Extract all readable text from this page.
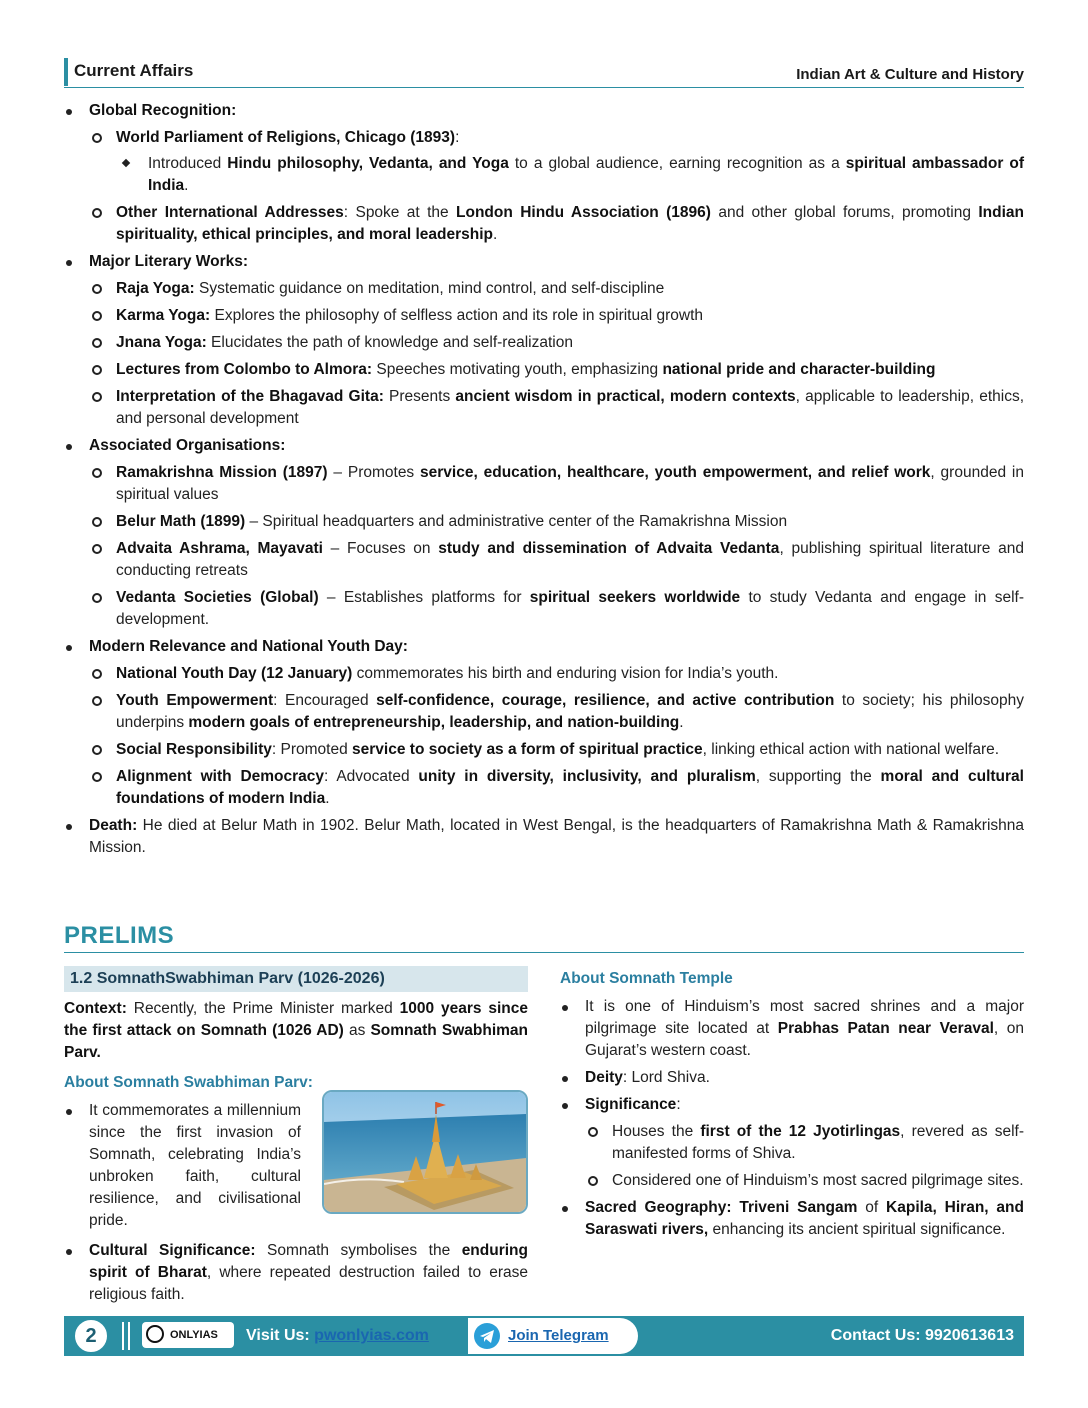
Current Affairs	Indian Art & Culture and History
Global Recognition:
World Parliament of Religions, Chicago (1893):
Introduced Hindu philosophy, Vedanta, and Yoga to a global audience, earning recognition as a spiritual ambassador of India.
Other International Addresses: Spoke at the London Hindu Association (1896) and other global forums, promoting Indian spirituality, ethical principles, and moral leadership.
Major Literary Works:
Raja Yoga: Systematic guidance on meditation, mind control, and self-discipline
Karma Yoga: Explores the philosophy of selfless action and its role in spiritual growth
Jnana Yoga: Elucidates the path of knowledge and self-realization
Lectures from Colombo to Almora: Speeches motivating youth, emphasizing national pride and character-building
Interpretation of the Bhagavad Gita: Presents ancient wisdom in practical, modern contexts, applicable to leadership, ethics, and personal development
Associated Organisations:
Ramakrishna Mission (1897) – Promotes service, education, healthcare, youth empowerment, and relief work, grounded in spiritual values
Belur Math (1899) – Spiritual headquarters and administrative center of the Ramakrishna Mission
Advaita Ashrama, Mayavati – Focuses on study and dissemination of Advaita Vedanta, publishing spiritual literature and conducting retreats
Vedanta Societies (Global) – Establishes platforms for spiritual seekers worldwide to study Vedanta and engage in self-development.
Modern Relevance and National Youth Day:
National Youth Day (12 January) commemorates his birth and enduring vision for India’s youth.
Youth Empowerment: Encouraged self-confidence, courage, resilience, and active contribution to society; his philosophy underpins modern goals of entrepreneurship, leadership, and nation-building.
Social Responsibility: Promoted service to society as a form of spiritual practice, linking ethical action with national welfare.
Alignment with Democracy: Advocated unity in diversity, inclusivity, and pluralism, supporting the moral and cultural foundations of modern India.
Death: He died at Belur Math in 1902. Belur Math, located in West Bengal, is the headquarters of Ramakrishna Math & Ramakrishna Mission.
PRELIMS
1.2 SomnathSwabhiman Parv (1026-2026)
Context: Recently, the Prime Minister marked 1000 years since the first attack on Somnath (1026 AD) as Somnath Swabhiman Parv.
About Somnath Swabhiman Parv:
It commemorates a millennium since the first invasion of Somnath, celebrating India’s unbroken faith, cultural resilience, and civilisational pride.
Cultural Significance: Somnath symbolises the enduring spirit of Bharat, where repeated destruction failed to erase religious faith.
About Somnath Temple
It is one of Hinduism’s most sacred shrines and a major pilgrimage site located at Prabhas Patan near Veraval, on Gujarat’s western coast.
Deity: Lord Shiva.
Significance:
Houses the first of the 12 Jyotirlingas, revered as self-manifested forms of Shiva.
Considered one of Hinduism’s most sacred pilgrimage sites.
Sacred Geography: Triveni Sangam of Kapila, Hiran, and Saraswati rivers, enhancing its ancient spiritual significance.
2	ONLYIAS Visit Us: pwonlyias.com	Join Telegram	Contact Us: 9920613613
